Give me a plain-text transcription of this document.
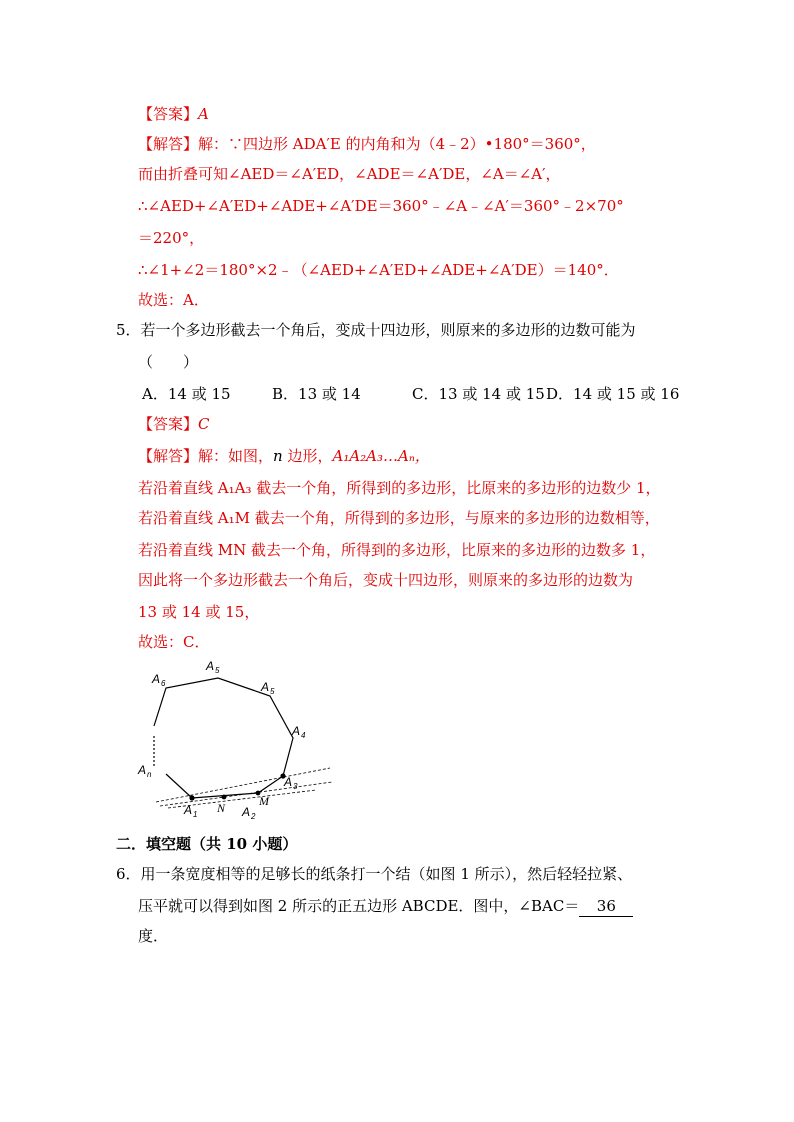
【答案】A
【解答】解：∵四边形 ADA′E 的内角和为（4﹣2）•180°＝360°，
而由折叠可知∠AED＝∠A′ED，∠ADE＝∠A′DE，∠A＝∠A′，
∴∠AED+∠A′ED+∠ADE+∠A′DE＝360°﹣∠A﹣∠A′＝360°﹣2×70°
＝220°，
∴∠1+∠2＝180°×2﹣（∠AED+∠A′ED+∠ADE+∠A′DE）＝140°．
故选：A．
5．若一个多边形截去一个角后，变成十四边形，则原来的多边形的边数可能为
（　　）
A．14 或 15	B．13 或 14	C．13 或 14 或 15 D．14 或 15 或 16
【答案】C
【解答】解：如图，n 边形，A₁A₂A₃…Aₙ，
若沿着直线 A₁A₃ 截去一个角，所得到的多边形，比原来的多边形的边数少 1，
若沿着直线 A₁M 截去一个角，所得到的多边形，与原来的多边形的边数相等，
若沿着直线 MN 截去一个角，所得到的多边形，比原来的多边形的边数多 1，
因此将一个多边形截去一个角后，变成十四边形，则原来的多边形的边数为
13 或 14 或 15，
故选：C．
$A_6$
$A_5$
$A_5$
$A_4$
$A_3$
$A_n$
$A_1$	$A_2$
N	M
二．填空题（共 10 小题）
6．用一条宽度相等的足够长的纸条打一个结（如图 1 所示），然后轻轻拉紧、
压平就可以得到如图 2 所示的正五边形 ABCDE．图中，∠BAC＝ 36
度．
